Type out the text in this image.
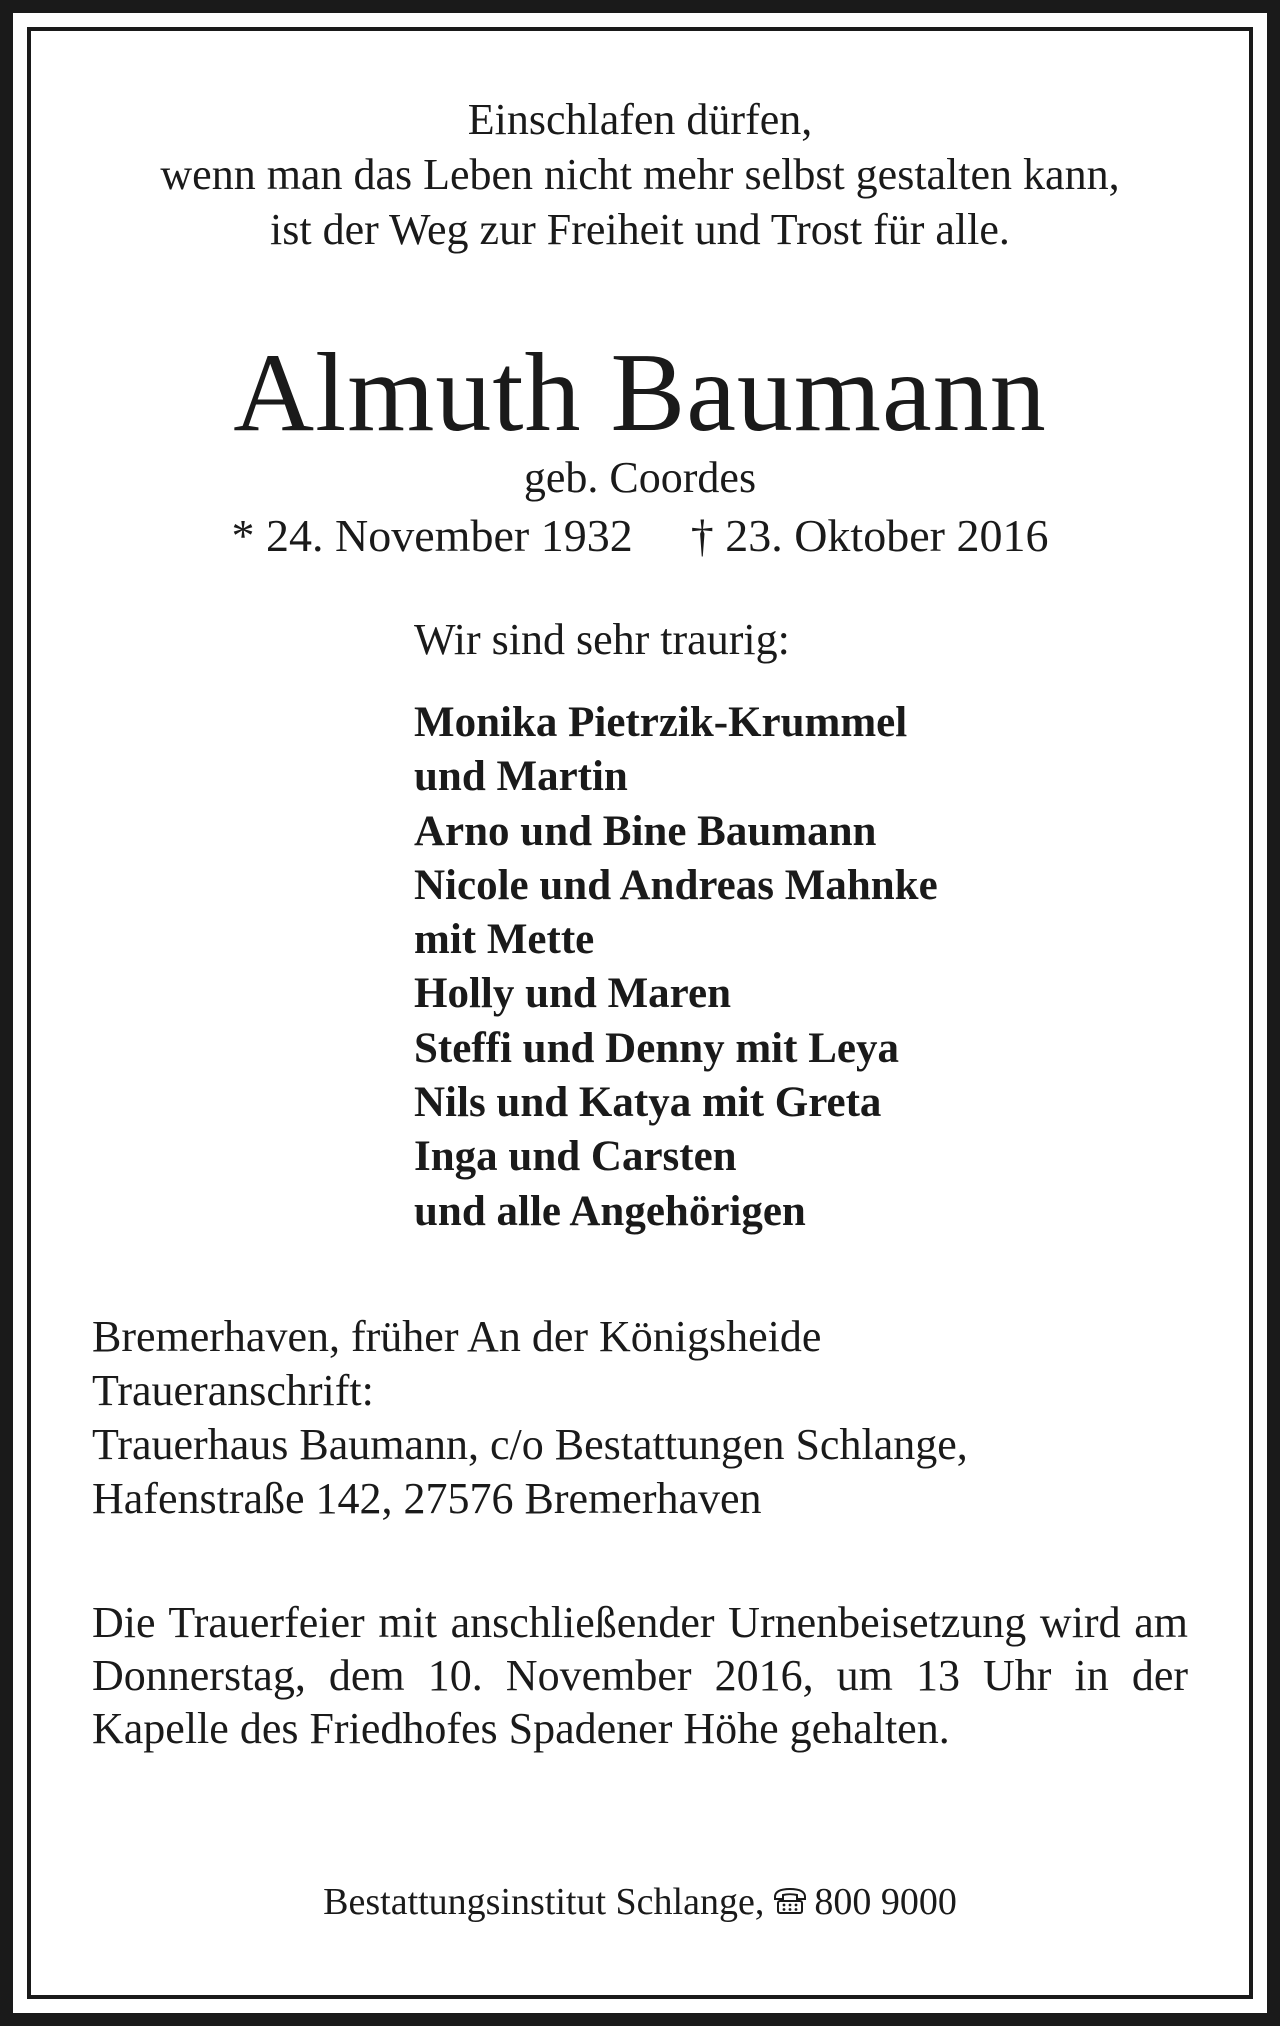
Einschlafen dürfen,
wenn man das Leben nicht mehr selbst gestalten kann,
ist der Weg zur Freiheit und Trost für alle.
Almuth Baumann
geb. Coordes
* 24. November 1932 † 23. Oktober 2016
Wir sind sehr traurig:
Monika Pietrzik-Krummel
und Martin
Arno und Bine Baumann
Nicole und Andreas Mahnke
mit Mette
Holly und Maren
Steffi und Denny mit Leya
Nils und Katya mit Greta
Inga und Carsten
und alle Angehörigen
Bremerhaven, früher An der Königsheide
Traueranschrift:
Trauerhaus Baumann, c/o Bestattungen Schlange,
Hafenstraße 142, 27576 Bremerhaven
Die Trauerfeier mit anschließender Urnenbeisetzung wird am Donnerstag, dem 10. November 2016, um 13 Uhr in der Kapelle des Friedhofes Spadener Höhe gehalten.
Bestattungsinstitut Schlange, 800 9000
